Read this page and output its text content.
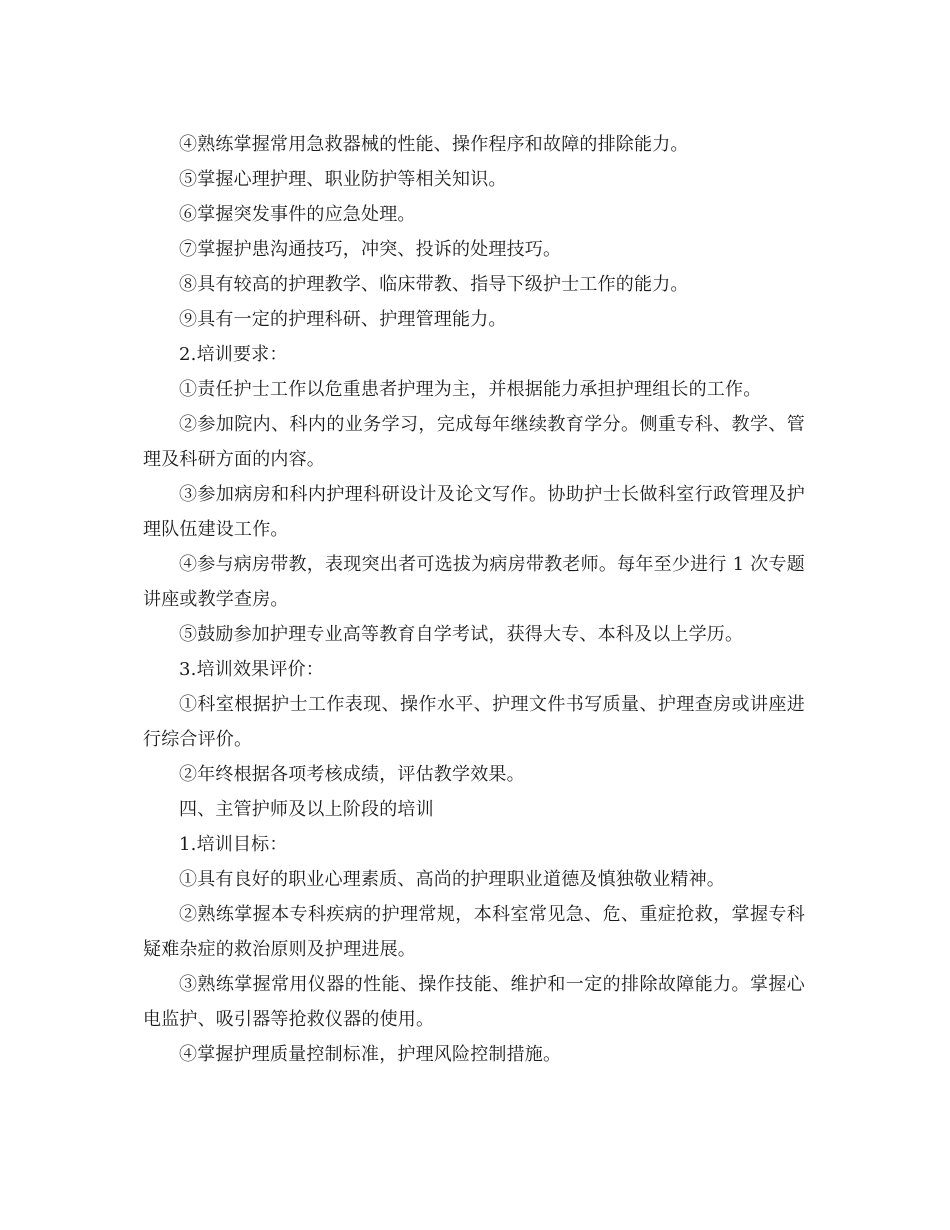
④熟练掌握常用急救器械的性能、操作程序和故障的排除能力。

⑤掌握心理护理、职业防护等相关知识。

⑥掌握突发事件的应急处理。

⑦掌握护患沟通技巧，冲突、投诉的处理技巧。

⑧具有较高的护理教学、临床带教、指导下级护士工作的能力。

⑨具有一定的护理科研、护理管理能力。

2.培训要求：

①责任护士工作以危重患者护理为主，并根据能力承担护理组长的工作。

②参加院内、科内的业务学习，完成每年继续教育学分。侧重专科、教学、管理及科研方面的内容。

③参加病房和科内护理科研设计及论文写作。协助护士长做科室行政管理及护理队伍建设工作。

④参与病房带教，表现突出者可选拔为病房带教老师。每年至少进行 1 次专题讲座或教学查房。

⑤鼓励参加护理专业高等教育自学考试，获得大专、本科及以上学历。

3.培训效果评价：

①科室根据护士工作表现、操作水平、护理文件书写质量、护理查房或讲座进行综合评价。

②年终根据各项考核成绩，评估教学效果。

四、主管护师及以上阶段的培训

1.培训目标：

①具有良好的职业心理素质、高尚的护理职业道德及慎独敬业精神。

②熟练掌握本专科疾病的护理常规，本科室常见急、危、重症抢救，掌握专科疑难杂症的救治原则及护理进展。

③熟练掌握常用仪器的性能、操作技能、维护和一定的排除故障能力。掌握心电监护、吸引器等抢救仪器的使用。

④掌握护理质量控制标准，护理风险控制措施。
